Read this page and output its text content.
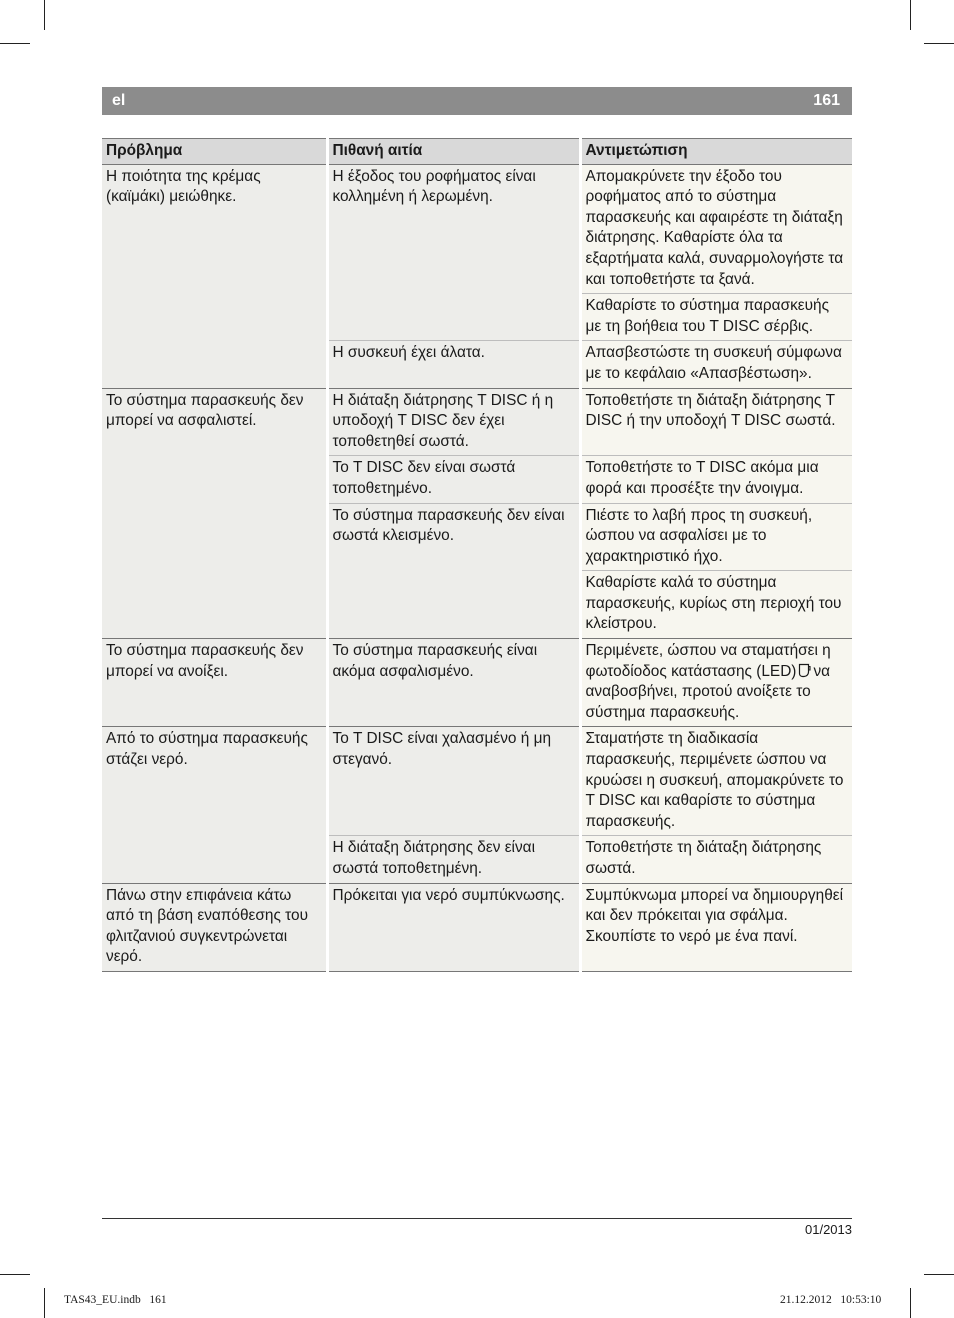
el	161
Πρόβλημα	Πιθανή αιτία	Αντιμετώπιση
Η ποιότητα της κρέμας (καϊμάκι) μειώθηκε.	Η έξοδος του ροφήματος είναι κολλημένη ή λερωμένη.	Απομακρύνετε την έξοδο του ροφήματος από το σύστημα παρασκευής και αφαιρέστε τη διάταξη διάτρησης. Καθαρίστε όλα τα εξαρτήματα καλά, συναρμολογήστε τα και τοποθετήστε τα ξανά.
		Καθαρίστε το σύστημα παρασκευής με τη βοήθεια του T DISC σέρβις.
	Η συσκευή έχει άλατα.	Απασβεστώστε τη συσκευή σύμφωνα με το κεφάλαιο «Απασβέστωση».
Το σύστημα παρασκευής δεν μπορεί να ασφαλιστεί.	Η διάταξη διάτρησης T DISC ή η υποδοχή T DISC δεν έχει τοποθετηθεί σωστά.	Τοποθετήστε τη διάταξη διάτρησης T DISC ή την υποδοχή T DISC σωστά.
	Το T DISC δεν είναι σωστά τοποθετημένο.	Τοποθετήστε το T DISC ακόμα μια φορά και προσέξτε την άνοιγμα.
	Το σύστημα παρασκευής δεν είναι σωστά κλεισμένο.	Πιέστε το λαβή προς τη συσκευή, ώσπου να ασφαλίσει με το χαρακτηριστικό ήχο.
		Καθαρίστε καλά το σύστημα παρασκευής, κυρίως στη περιοχή του κλείστρου.
Το σύστημα παρασκευής δεν μπορεί να ανοίξει.	Το σύστημα παρασκευής είναι ακόμα ασφαλισμένο.	Περιμένετε, ώσπου να σταματήσει η φωτοδίοδος κατάστασης (LED) να αναβοσβήνει, προτού ανοίξετε το σύστημα παρασκευής.
Από το σύστημα παρασκευής στάζει νερό.	Το T DISC είναι χαλασμένο ή μη στεγανό.	Σταματήστε τη διαδικασία παρασκευής, περιμένετε ώσπου να κρυώσει η συσκευή, απομακρύνετε το T DISC και καθαρίστε το σύστημα παρασκευής.
	Η διάταξη διάτρησης δεν είναι σωστά τοποθετημένη.	Τοποθετήστε τη διάταξη διάτρησης σωστά.
Πάνω στην επιφάνεια κάτω από τη βάση εναπόθεσης του φλιτζανιού συγκεντρώνεται νερό.	Πρόκειται για νερό συμπύκνωσης.	Συμπύκνωμα μπορεί να δημιουργηθεί και δεν πρόκειται για σφάλμα. Σκουπίστε το νερό με ένα πανί.
01/2013
TAS43_EU.indb   161	21.12.2012   10:53:10
